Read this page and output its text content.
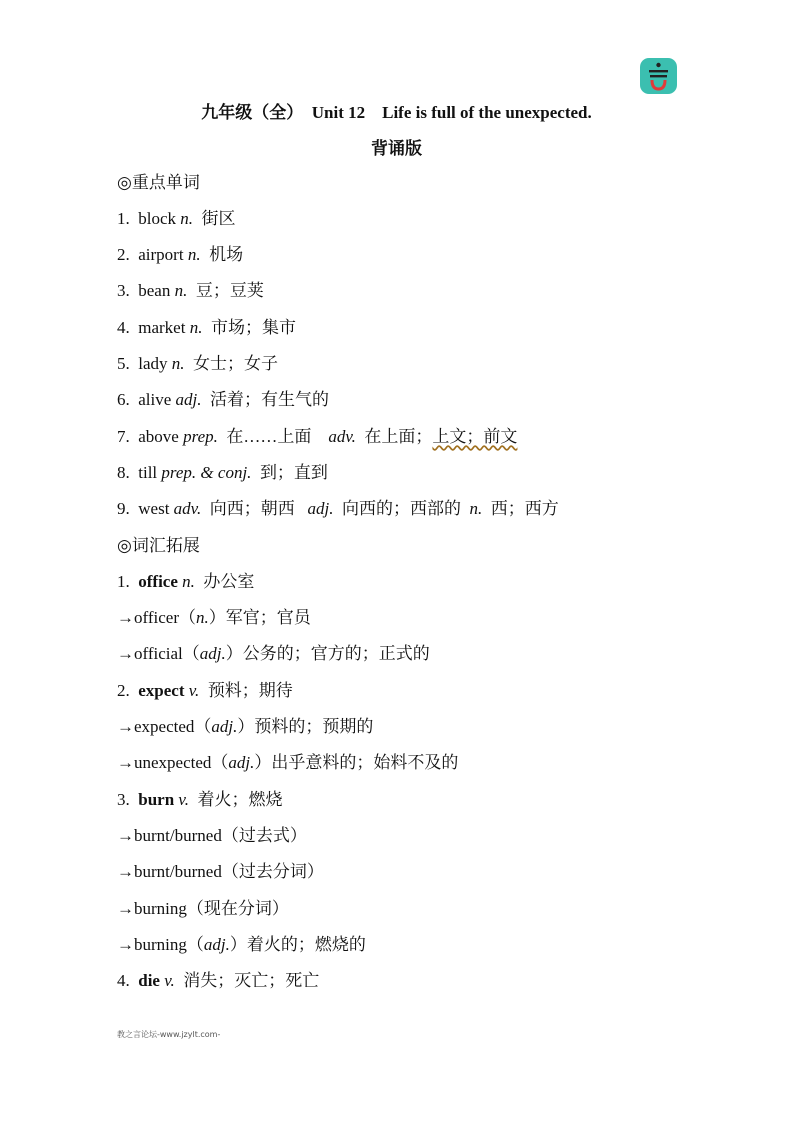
九年级（全）　Unit 12　Life is full of the unexpected.
背诵版
◎重点单词
1. block n. 街区
2. airport n. 机场
3. bean n. 豆；豆荚
4. market n. 市场；集市
5. lady n. 女士；女子
6. alive adj. 活着；有生气的
7. above prep. 在……上面 adv. 在上面；上文；前文
8. till prep. & conj. 到；直到
9. west adv. 向西；朝西 adj. 向西的；西部的 n. 西；西方
◎词汇拓展
1. office n. 办公室
→officer（n.）军官；官员
→official（adj.）公务的；官方的；正式的
2. expect v. 预料；期待
→expected（adj.）预料的；预期的
→unexpected（adj.）出乎意料的；始料不及的
3. burn v. 着火；燃烧
→burnt/burned（过去式）
→burnt/burned（过去分词）
→burning（现在分词）
→burning（adj.）着火的；燃烧的
4. die v. 消失；灭亡；死亡
教之言论坛-www.jzylt.com-
